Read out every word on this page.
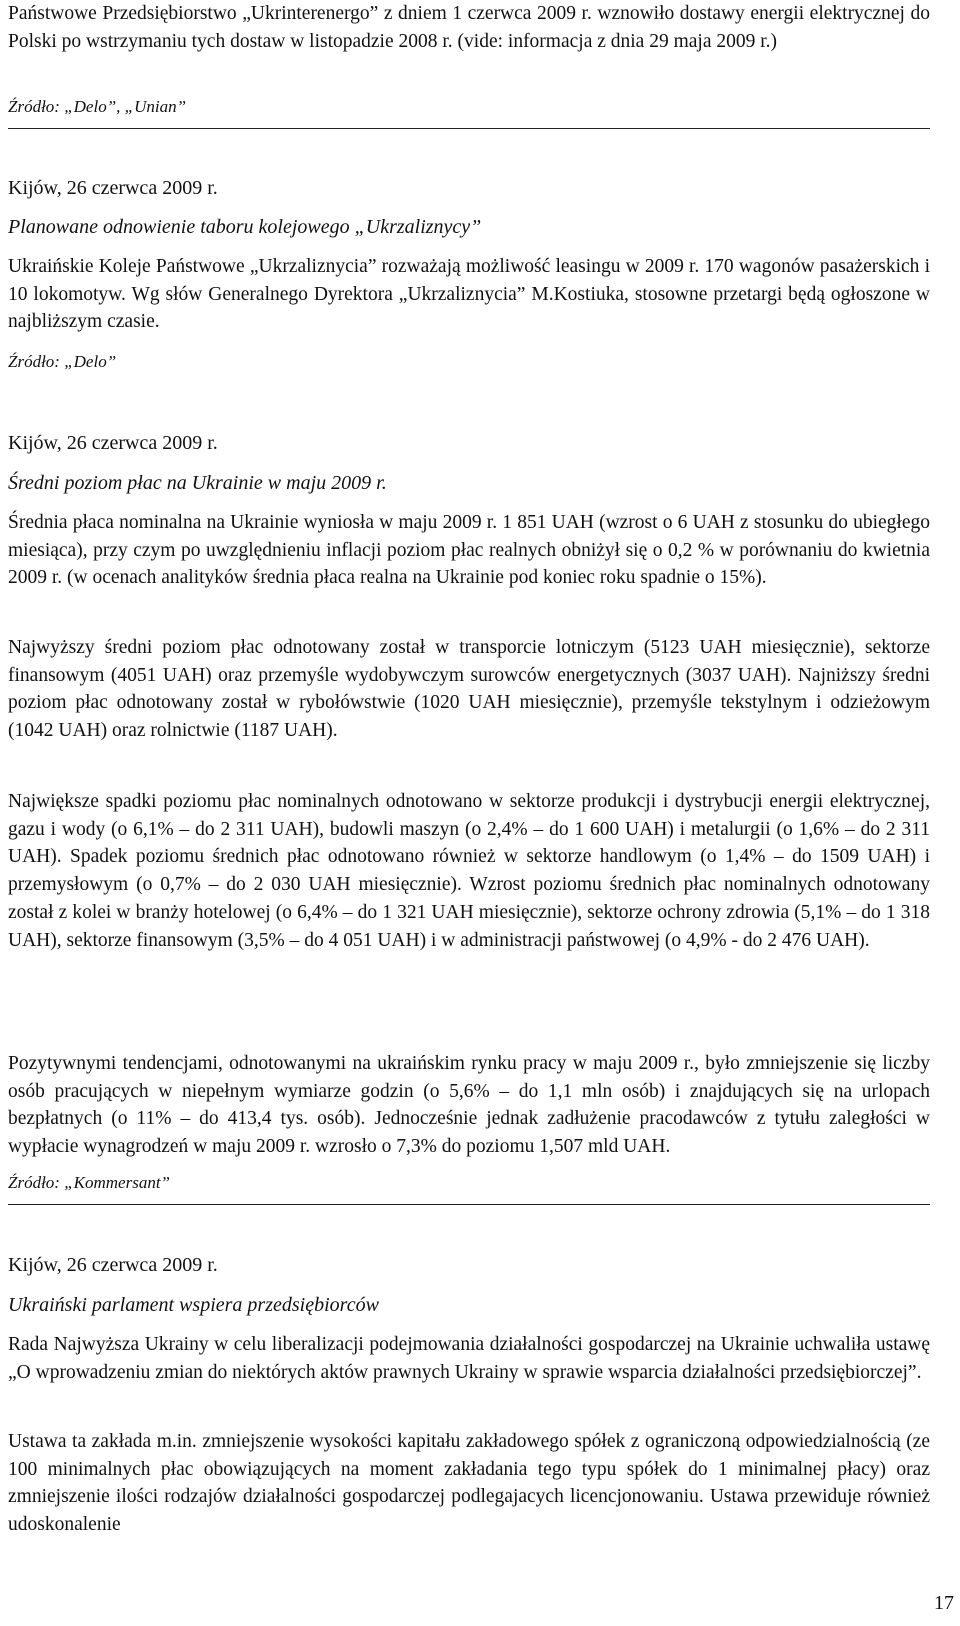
Państwowe Przedsiębiorstwo „Ukrinterenergo” z dniem 1 czerwca 2009 r. wznowiło dostawy energii elektrycznej do Polski po wstrzymaniu tych dostaw w listopadzie 2008 r. (vide: informacja z dnia 29 maja 2009 r.)

Źródło: „Delo”, „Unian”

Kijów, 26 czerwca 2009 r.

Planowane odnowienie taboru kolejowego „Ukrzaliznycy”

Ukraińskie Koleje Państwowe „Ukrzaliznycia” rozważają możliwość leasingu w 2009 r. 170 wagonów pasażerskich i 10 lokomotyw. Wg słów Generalnego Dyrektora „Ukrzaliznycia” M.Kostiuka, stosowne przetargi będą ogłoszone w najbliższym czasie.

Źródło: „Delo”

Kijów, 26 czerwca 2009 r.

Średni poziom płac na Ukrainie w maju 2009 r.

Średnia płaca nominalna na Ukrainie wyniosła w maju 2009 r. 1 851 UAH (wzrost o 6 UAH z stosunku do ubiegłego miesiąca), przy czym po uwzględnieniu inflacji poziom płac realnych obniżył się o 0,2 % w porównaniu do kwietnia 2009 r. (w ocenach analityków średnia płaca realna na Ukrainie pod koniec roku spadnie o 15%).

Najwyższy średni poziom płac odnotowany został w transporcie lotniczym (5123 UAH miesięcznie), sektorze finansowym (4051 UAH) oraz przemyśle wydobywczym surowców energetycznych (3037 UAH). Najniższy średni poziom płac odnotowany został w rybołówstwie (1020 UAH miesięcznie), przemyśle tekstylnym i odzieżowym (1042 UAH) oraz rolnictwie (1187 UAH).

Największe spadki poziomu płac nominalnych odnotowano w sektorze produkcji i dystrybucji energii elektrycznej, gazu i wody (o 6,1% – do 2 311 UAH), budowli maszyn (o 2,4% – do 1 600 UAH) i metalurgii (o 1,6% – do 2 311 UAH). Spadek poziomu średnich płac odnotowano również w sektorze handlowym (o 1,4% – do 1509 UAH) i przemysłowym (o 0,7% – do 2 030 UAH miesięcznie). Wzrost poziomu średnich płac nominalnych odnotowany został z kolei w branży hotelowej (o 6,4% – do 1 321 UAH miesięcznie), sektorze ochrony zdrowia (5,1% – do 1 318 UAH), sektorze finansowym (3,5% – do 4 051 UAH) i w administracji państwowej (o 4,9% - do 2 476 UAH).

Pozytywnymi tendencjami, odnotowanymi na ukraińskim rynku pracy w maju 2009 r., było zmniejszenie się liczby osób pracujących w niepełnym wymiarze godzin (o 5,6% – do 1,1 mln osób) i znajdujących się na urlopach bezpłatnych (o 11% – do 413,4 tys. osób). Jednocześnie jednak zadłużenie pracodawców z tytułu zaległości w wypłacie wynagrodzeń w maju 2009 r. wzrosło o 7,3% do poziomu 1,507 mld UAH.

Źródło: „Kommersant”

Kijów, 26 czerwca 2009 r.

Ukraiński parlament wspiera przedsiębiorców

Rada Najwyższa Ukrainy w celu liberalizacji podejmowania działalności gospodarczej na Ukrainie uchwaliła ustawę „O wprowadzeniu zmian do niektórych aktów prawnych Ukrainy w sprawie wsparcia działalności przedsiębiorczej”.

Ustawa ta zakłada m.in. zmniejszenie wysokości kapitału zakładowego spółek z ograniczoną odpowiedzialnością (ze 100 minimalnych płac obowiązujących na moment zakładania tego typu spółek do 1 minimalnej płacy) oraz zmniejszenie ilości rodzajów działalności gospodarczej podlegajacych licencjonowaniu. Ustawa przewiduje również udoskonalenie

17
